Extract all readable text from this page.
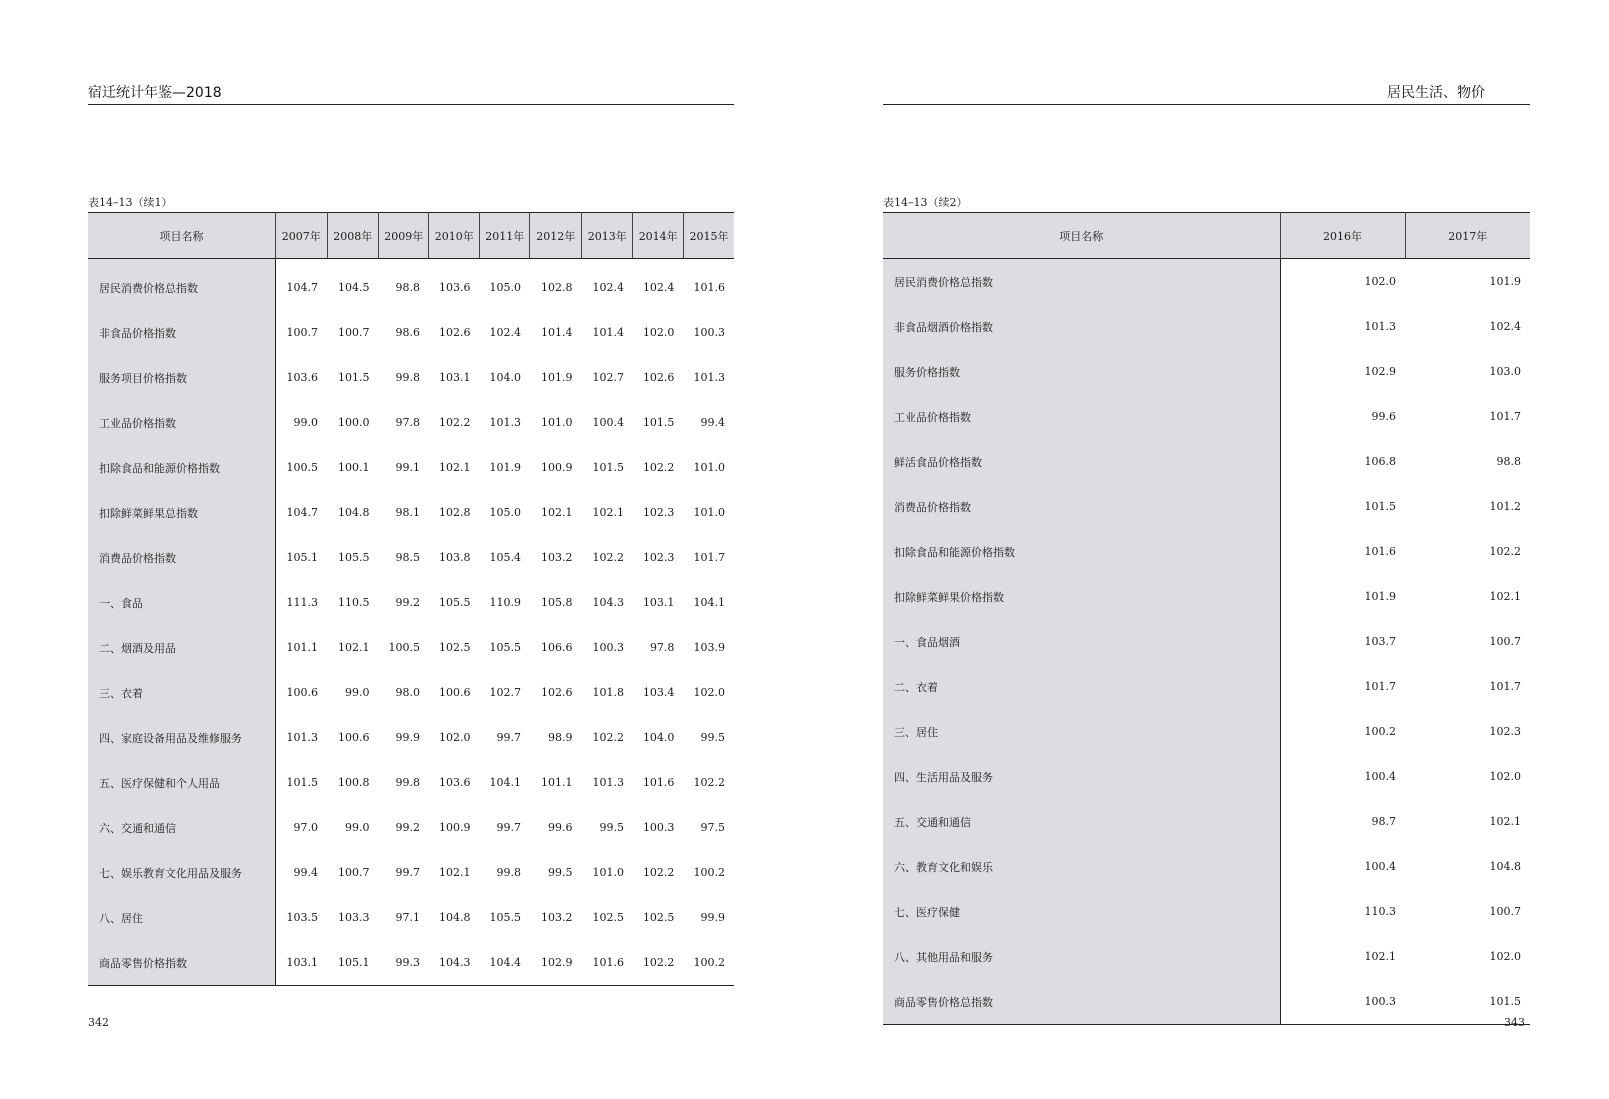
宿迁统计年鉴—2018
表14–13（续1）
项目名称	2007年	2008年	2009年	2010年	2011年	2012年	2013年	2014年	2015年
居民消费价格总指数	104.7	104.5	98.8	103.6	105.0	102.8	102.4	102.4	101.6
非食品价格指数	100.7	100.7	98.6	102.6	102.4	101.4	101.4	102.0	100.3
服务项目价格指数	103.6	101.5	99.8	103.1	104.0	101.9	102.7	102.6	101.3
工业品价格指数	99.0	100.0	97.8	102.2	101.3	101.0	100.4	101.5	99.4
扣除食品和能源价格指数	100.5	100.1	99.1	102.1	101.9	100.9	101.5	102.2	101.0
扣除鲜菜鲜果总指数	104.7	104.8	98.1	102.8	105.0	102.1	102.1	102.3	101.0
消费品价格指数	105.1	105.5	98.5	103.8	105.4	103.2	102.2	102.3	101.7
一、食品	111.3	110.5	99.2	105.5	110.9	105.8	104.3	103.1	104.1
二、烟酒及用品	101.1	102.1	100.5	102.5	105.5	106.6	100.3	97.8	103.9
三、衣着	100.6	99.0	98.0	100.6	102.7	102.6	101.8	103.4	102.0
四、家庭设备用品及维修服务	101.3	100.6	99.9	102.0	99.7	98.9	102.2	104.0	99.5
五、医疗保健和个人用品	101.5	100.8	99.8	103.6	104.1	101.1	101.3	101.6	102.2
六、交通和通信	97.0	99.0	99.2	100.9	99.7	99.6	99.5	100.3	97.5
七、娱乐教育文化用品及服务	99.4	100.7	99.7	102.1	99.8	99.5	101.0	102.2	100.2
八、居住	103.5	103.3	97.1	104.8	105.5	103.2	102.5	102.5	99.9
商品零售价格指数	103.1	105.1	99.3	104.3	104.4	102.9	101.6	102.2	100.2
342
居民生活、物价
表14–13（续2）
项目名称	2016年	2017年
居民消费价格总指数	102.0	101.9
非食品烟酒价格指数	101.3	102.4
服务价格指数	102.9	103.0
工业品价格指数	99.6	101.7
鲜活食品价格指数	106.8	98.8
消费品价格指数	101.5	101.2
扣除食品和能源价格指数	101.6	102.2
扣除鲜菜鲜果价格指数	101.9	102.1
一、食品烟酒	103.7	100.7
二、衣着	101.7	101.7
三、居住	100.2	102.3
四、生活用品及服务	100.4	102.0
五、交通和通信	98.7	102.1
六、教育文化和娱乐	100.4	104.8
七、医疗保健	110.3	100.7
八、其他用品和服务	102.1	102.0
商品零售价格总指数	100.3	101.5
343
